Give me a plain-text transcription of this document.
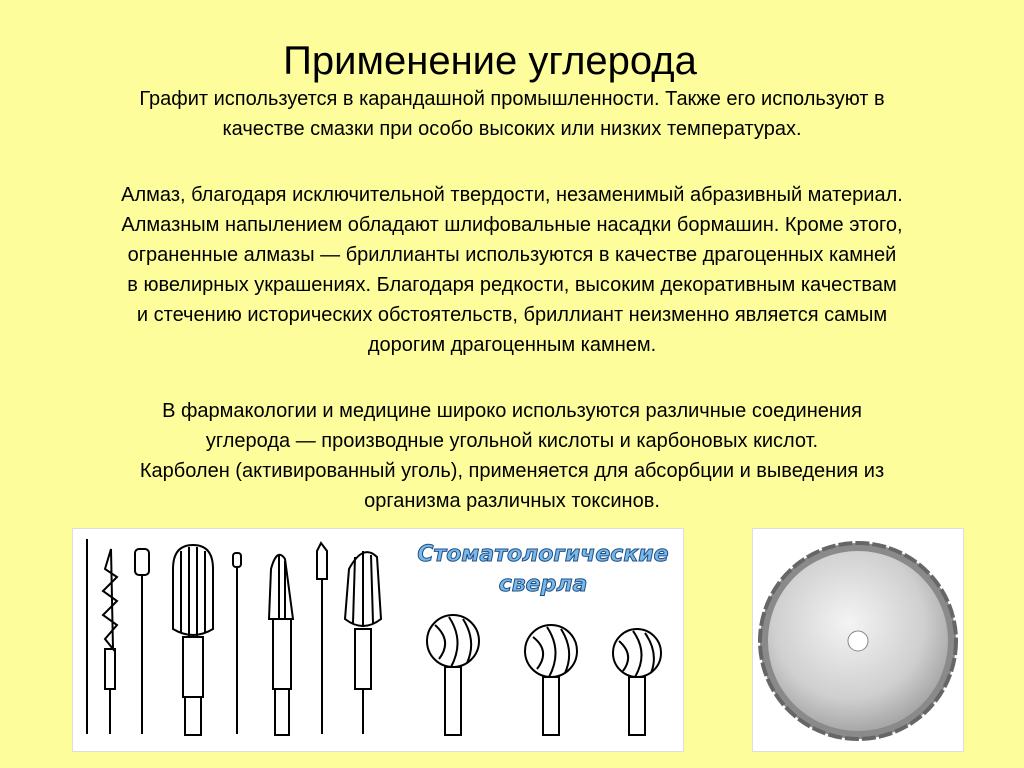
Применение углерода
Графит используется в карандашной промышленности. Также его используют в
качестве смазки при особо высоких или низких температурах.
Алмаз, благодаря исключительной твердости, незаменимый абразивный материал.
Алмазным напылением обладают шлифовальные насадки бормашин. Кроме этого,
ограненные алмазы — бриллианты используются в качестве драгоценных камней
в ювелирных украшениях. Благодаря редкости, высоким декоративным качествам
и стечению исторических обстоятельств, бриллиант неизменно является самым
дорогим драгоценным камнем.
В фармакологии и медицине широко используются различные соединения
углерода — производные угольной кислоты и карбоновых кислот.
Карболен (активированный уголь), применяется для абсорбции и выведения из
организма различных токсинов.
Стоматологические
сверла
